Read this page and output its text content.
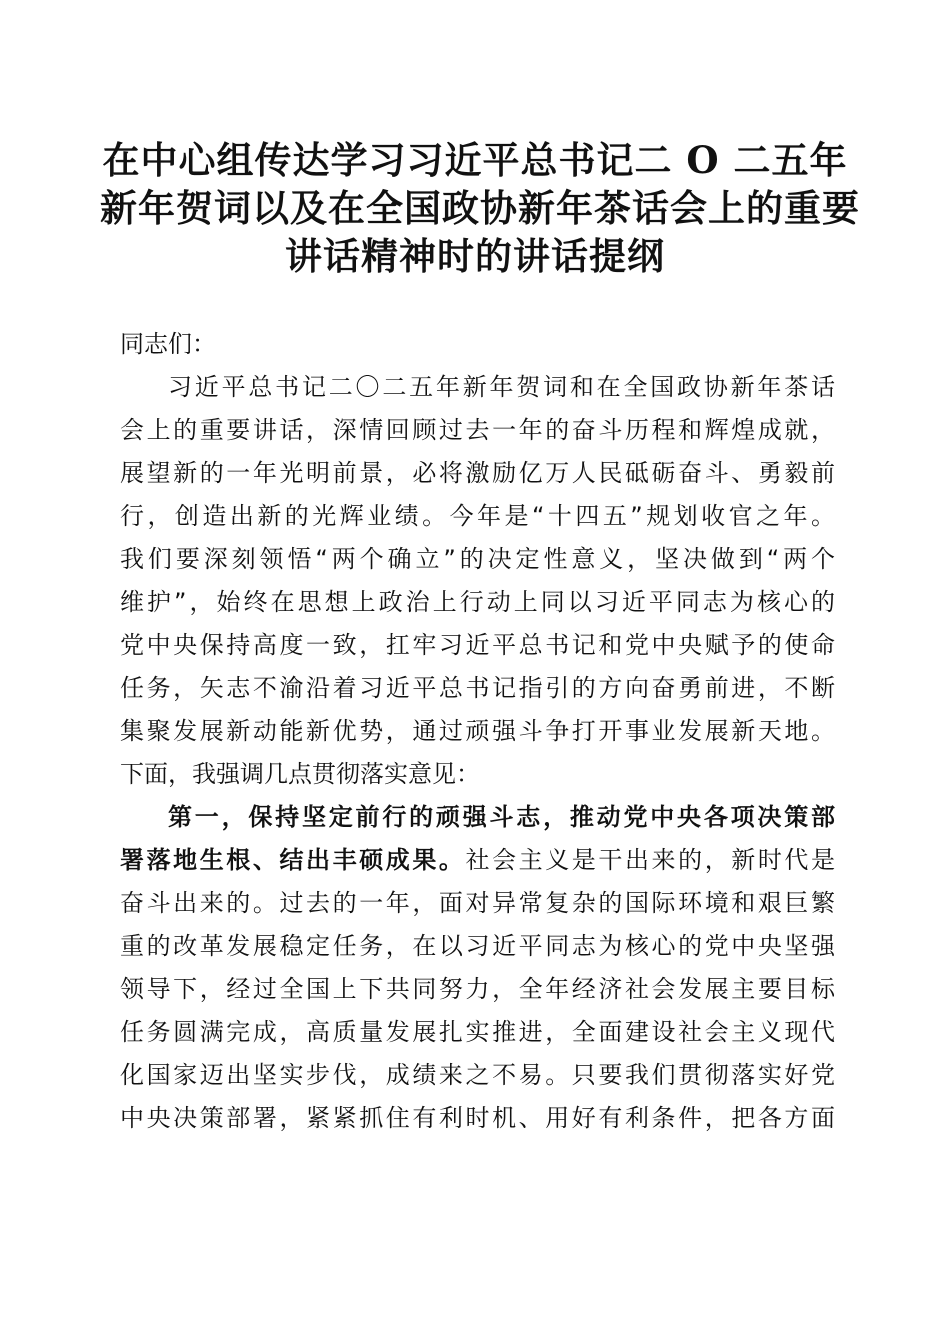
在中心组传达学习习近平总书记二 O 二五年
新年贺词以及在全国政协新年茶话会上的重要
讲话精神时的讲话提纲
同志们：
习近平总书记二〇二五年新年贺词和在全国政协新年茶话
会上的重要讲话，深情回顾过去一年的奋斗历程和辉煌成就，
展望新的一年光明前景，必将激励亿万人民砥砺奋斗、勇毅前
行，创造出新的光辉业绩。今年是“十四五”规划收官之年。
我们要深刻领悟“两个确立”的决定性意义，坚决做到“两个
维护”，始终在思想上政治上行动上同以习近平同志为核心的
党中央保持高度一致，扛牢习近平总书记和党中央赋予的使命
任务，矢志不渝沿着习近平总书记指引的方向奋勇前进，不断
集聚发展新动能新优势，通过顽强斗争打开事业发展新天地。
下面，我强调几点贯彻落实意见：
第一，保持坚定前行的顽强斗志，推动党中央各项决策部
署落地生根、结出丰硕成果。社会主义是干出来的，新时代是
奋斗出来的。过去的一年，面对异常复杂的国际环境和艰巨繁
重的改革发展稳定任务，在以习近平同志为核心的党中央坚强
领导下，经过全国上下共同努力，全年经济社会发展主要目标
任务圆满完成，高质量发展扎实推进，全面建设社会主义现代
化国家迈出坚实步伐，成绩来之不易。只要我们贯彻落实好党
中央决策部署，紧紧抓住有利时机、用好有利条件，把各方面
